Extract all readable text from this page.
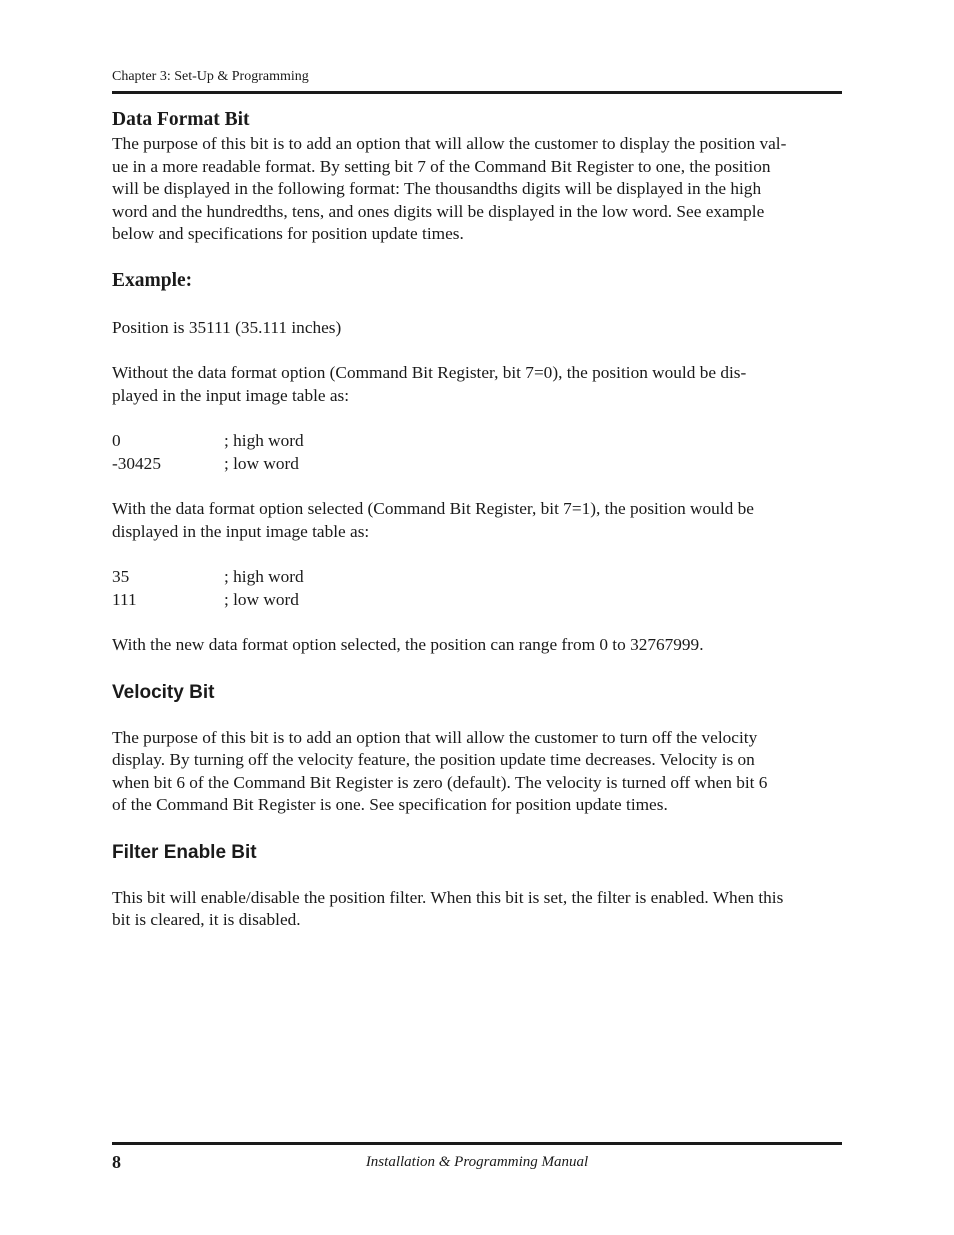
Chapter 3: Set-Up & Programming
Data Format Bit

The purpose of this bit is to add an option that will allow the customer to display the position val-
ue in a more readable format. By setting bit 7 of the Command Bit Register to one, the position
will be displayed in the following format: The thousandths digits will be displayed in the high
word and the hundredths, tens, and ones digits will be displayed in the low word. See example
below and specifications for position update times.

Example:

Position is 35111 (35.111 inches)

Without the data format option (Command Bit Register, bit 7=0), the position would be dis-
played in the input image table as:

0	; high word
-30425	; low word

With the data format option selected (Command Bit Register, bit 7=1), the position would be
displayed in the input image table as:

35	; high word
111	; low word

With the new data format option selected, the position can range from 0 to 32767999.

Velocity Bit

The purpose of this bit is to add an option that will allow the customer to turn off the velocity
display. By turning off the velocity feature, the position update time decreases. Velocity is on
when bit 6 of the Command Bit Register is zero (default). The velocity is turned off when bit 6
of the Command Bit Register is one. See specification for position update times.

Filter Enable Bit

This bit will enable/disable the position filter. When this bit is set, the filter is enabled. When this
bit is cleared, it is disabled.

8	Installation & Programming Manual
